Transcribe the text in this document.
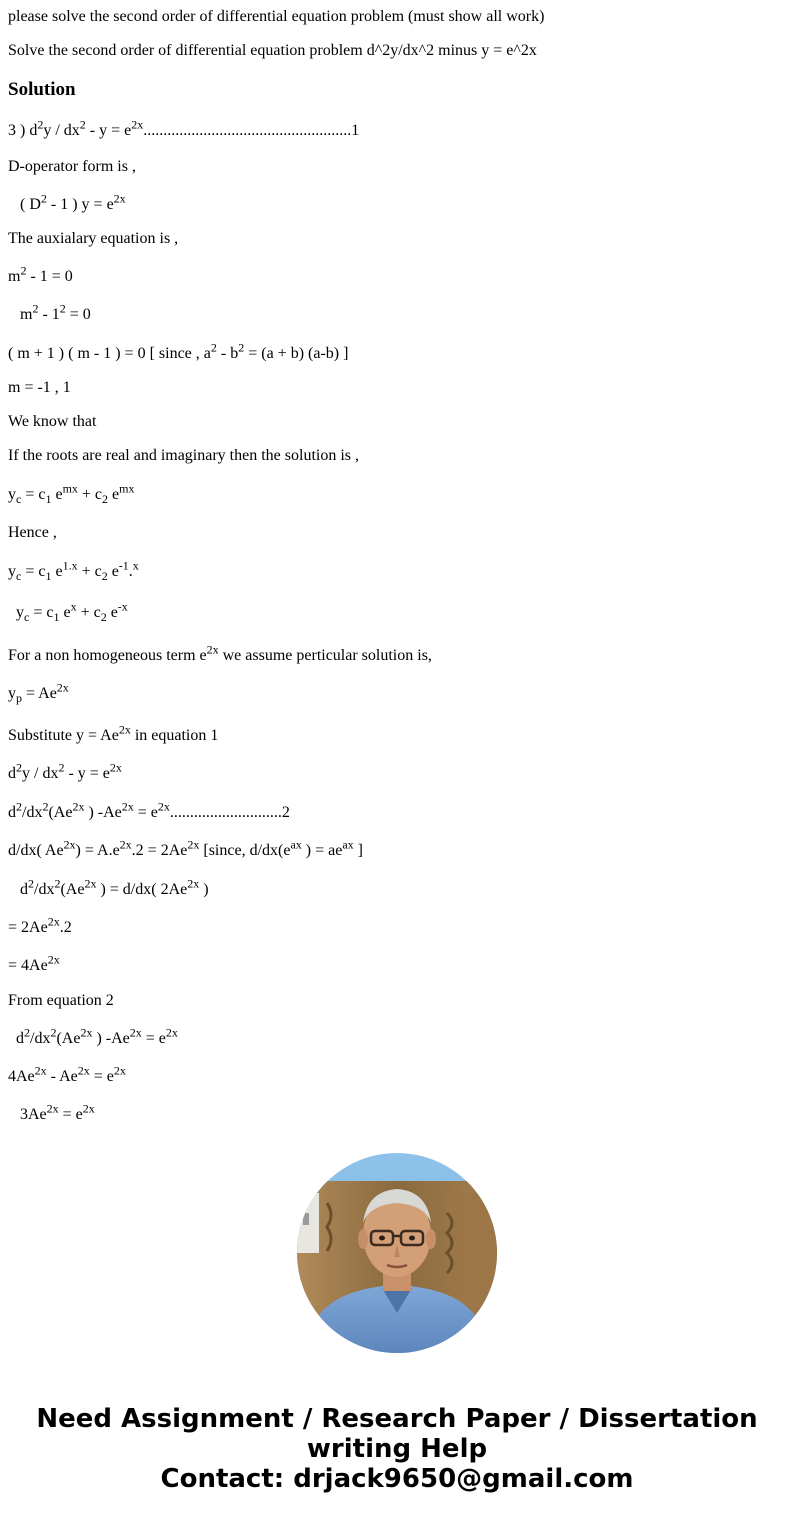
please solve the second order of differential equation problem (must show all work)

Solve the second order of differential equation problem d^2y/dx^2 minus y = e^2x

Solution

3 ) $d^2y / dx^2 - y = e^{2x}....................................................1$

D-operator form is ,

( $D^2 - 1$ ) $y = e^{2x}$

The auxialary equation is ,

$m^2 - 1 = 0$

$m^2 - 1^2 = 0$

( m + 1 ) ( m - 1 ) = 0 [ since , $a^2 - b^2 = (a + b)$ (a-b) ]

m = -1 , 1

We know that

If the roots are real and imaginary then the solution is ,

$y_c = c_1$ $e^{mx} + c_2$ $e^{mx}$

Hence ,

$y_c = c_1$ $e^{1.x} + c_2$ $e^{-1}.^x$

$y_c = c_1$ $e^x + c_2$ $e^{-x}$

For a non homogeneous term $e^{2x}$ we assume perticular solution is,

$y_p = Ae^{2x}$

Substitute $y = Ae^{2x}$ in equation 1

$d^2y / dx^2 - y = e^{2x}$

$d^2/dx^2(Ae^{2x}$ ) $-Ae^{2x} = e^{2x}............................2$

d/dx( $Ae^{2x}) = A.e^{2x}.2 = 2Ae^{2x}$ [since, $d/dx(e^{ax}$ ) = $ae^{ax}$ ]

$d^2/dx^2(Ae^{2x}$ ) = d/dx( $2Ae^{2x}$ )

= $2Ae^{2x}.2$

= $4Ae^{2x}$

From equation 2

$d^2/dx^2(Ae^{2x}$ ) $-Ae^{2x} = e^{2x}$

$4Ae^{2x} - Ae^{2x} = e^{2x}$

$3Ae^{2x} = e^{2x}$

Need Assignment / Research Paper / Dissertation
writing Help
Contact: drjack9650@gmail.com
